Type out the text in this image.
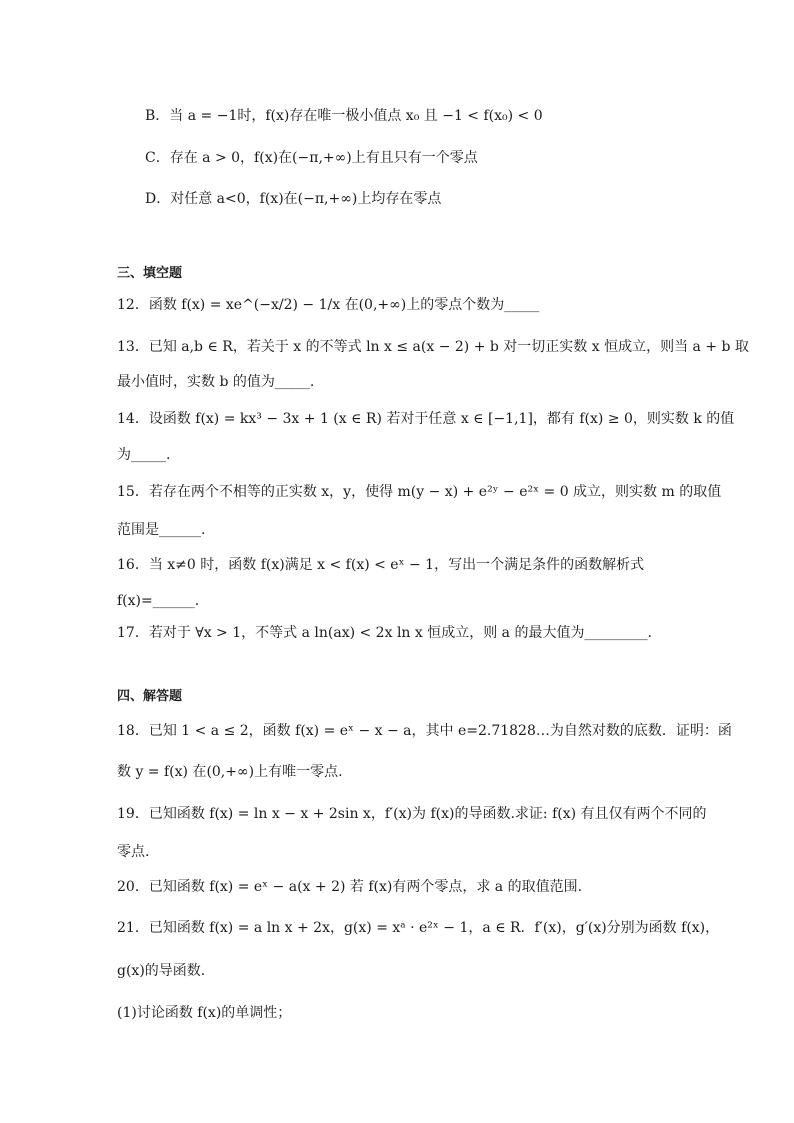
B．当 a = −1时，f(x)存在唯一极小值点 x₀ 且 −1 < f(x₀) < 0
C．存在 a > 0，f(x)在(−π,+∞)上有且只有一个零点
D．对任意 a<0，f(x)在(−π,+∞)上均存在零点
三、填空题
12．函数 f(x) = xe^(−x/2) − 1/x 在(0,+∞)上的零点个数为_____
13．已知 a,b ∈ R，若关于 x 的不等式 ln x ≤ a(x − 2) + b 对一切正实数 x 恒成立，则当 a + b 取
最小值时，实数 b 的值为_____.
14．设函数 f(x) = kx³ − 3x + 1 (x ∈ R) 若对于任意 x ∈ [−1,1]，都有 f(x) ≥ 0，则实数 k 的值
为_____.
15．若存在两个不相等的正实数 x，y，使得 m(y − x) + e²ʸ − e²ˣ = 0 成立，则实数 m 的取值
范围是______.
16．当 x≠0 时，函数 f(x)满足 x < f(x) < eˣ − 1，写出一个满足条件的函数解析式
f(x)=______.
17．若对于 ∀x > 1，不等式 a ln(ax) < 2x ln x 恒成立，则 a 的最大值为_________.
四、解答题
18．已知 1 < a ≤ 2，函数 f(x) = eˣ − x − a，其中 e=2.71828…为自然对数的底数．证明：函
数 y = f(x) 在(0,+∞)上有唯一零点.
19．已知函数 f(x) = ln x − x + 2sin x，f′(x)为 f(x)的导函数.求证: f(x) 有且仅有两个不同的
零点.
20．已知函数 f(x) = eˣ − a(x + 2) 若 f(x)有两个零点，求 a 的取值范围.
21．已知函数 f(x) = a ln x + 2x，g(x) = xᵃ · e²ˣ − 1，a ∈ R．f′(x)，g′(x)分别为函数 f(x)，
g(x)的导函数.
(1)讨论函数 f(x)的单调性；
